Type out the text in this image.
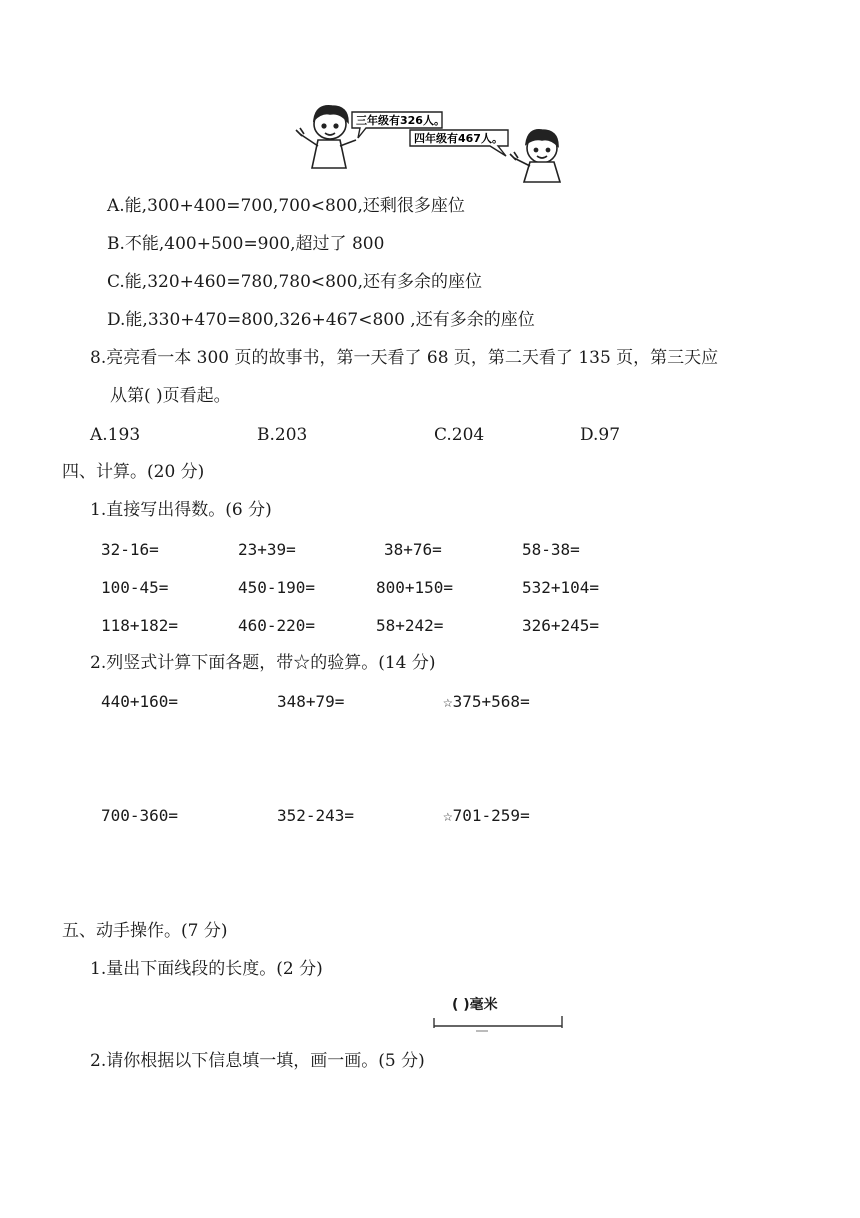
三年级有326人。
四年级有467人。
A.能,300+400=700,700<800,还剩很多座位
B.不能,400+500=900,超过了 800
C.能,320+460=780,780<800,还有多余的座位
D.能,330+470=800,326+467<800 ,还有多余的座位
8.亮亮看一本 300 页的故事书，第一天看了 68 页，第二天看了 135 页，第三天应
从第( )页看起。
A.193	B.203	C.204	D.97
四、计算。(20 分)
1.直接写出得数。(6 分)
32-16=	23+39=	38+76=	58-38=
100-45=	450-190=	800+150=	532+104=
118+182=	460-220=	58+242=	326+245=
2.列竖式计算下面各题，带☆的验算。(14 分)
440+160=	348+79=	☆375+568=
700-360=	352-243=	☆701-259=
五、动手操作。(7 分)
1.量出下面线段的长度。(2 分)
( )毫米
2.请你根据以下信息填一填，画一画。(5 分)
